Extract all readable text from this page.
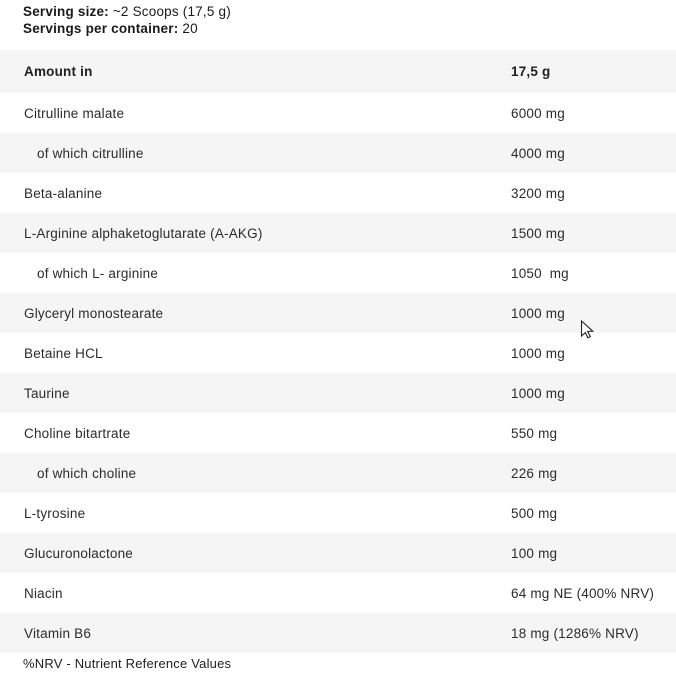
Serving size: ~2 Scoops (17,5 g)
Servings per container: 20
Amount in	17,5 g
Citrulline malate	6000 mg
of which citrulline	4000 mg
Beta-alanine	3200 mg
L-Arginine alphaketoglutarate (A-AKG)	1500 mg
of which L- arginine	1050  mg
Glyceryl monostearate	1000 mg
Betaine HCL	1000 mg
Taurine	1000 mg
Choline bitartrate	550 mg
of which choline	226 mg
L-tyrosine	500 mg
Glucuronolactone	100 mg
Niacin	64 mg NE (400% NRV)
Vitamin B6	18 mg (1286% NRV)
%NRV - Nutrient Reference Values
